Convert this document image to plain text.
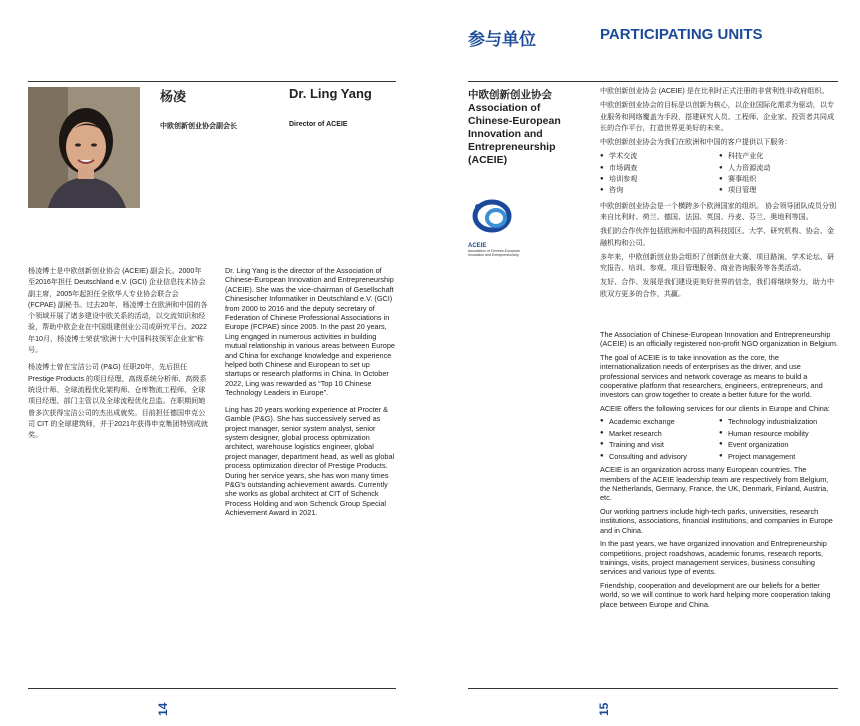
杨凌	Dr. Ling Yang
中欧创新创业协会副会长	Director of ACEIE

杨凌博士是中欧创新创业协会 (ACEIE) 副会长。2000年至2016年担任 Deutschland e.V. (GCI) 企业信息技术协会副主席，2005年起担任全欧华人专业协会联合会 (FCPAE) 副秘书。过去20年，杨凌博士在欧洲和中国的各个领域开展了诸多建设中欧关系的活动，以交流知识和经验，帮助中欧企业在中国组建创业公司或研究平台。2022年10月，杨凌博士荣获“欧洲十大中国科技领军企业家”称号。

杨凌博士曾在宝洁公司 (P&G) 任职20年，先后担任 Prestige Products 的项目经理、高级系统分析师、高级系统设计师、全球流程优化架构师、仓库物流工程师、全球项目经理、部门主管以及全球流程优化总监。在职期间她曾多次获得宝洁公司的杰出成就奖。目前担任德国申克公司 CIT 的全球建筑师，并于2021年获得申克集团特别成就奖。

Dr. Ling Yang is the director of the Association of Chinese-European Innovation and Entrepreneurship (ACEIE). She was the vice-chairman of Gesellschaft Chinesischer Informatiker in Deutschland e.V. (GCI) from 2000 to 2016 and the deputy secretary of Federation of Chinese Professional Associations in Europe (FCPAE) since 2005. In the past 20 years, Ling engaged in numerous activities in building mutual relationship in various areas between Europe and China for exchange knowledge and experience helped both Chinese and European to set up startups or research platforms in China. In October 2022, Ling was rewarded as “Top 10 Chinese Technology Leaders in Europe”.

Ling has 20 years working experience at Procter & Gamble (P&G). She has successively served as project manager, senior system analyst, senior system designer, global process optimization architect, warehouse logistics engineer, global project manager, department head, as well as global process optimization director of Prestige Products. During her service years, she has won many times P&G's outstanding achievement awards. Currently she works as global architect at CIT of Schenck Process Holding and won Schenck Group Special Achievement Award in 2021.

14
参与单位	PARTICIPATING UNITS
中欧创新创业协会
Association of Chinese-European Innovation and Entrepreneurship (ACEIE)
ACEIE
Association of Chinese-European Innovation and Entrepreneurship

中欧创新创业协会 (ACEIE) 是在比利时正式注册的非营利性非政府组织。

中欧创新创业协会的目标是以创新为核心，以企业国际化需求为驱动，以专业服务和网络覆盖为手段，搭建研究人员、工程师、企业家、投资者共同成长的合作平台，打造世界更美好的未来。

中欧创新创业协会为我们在欧洲和中国的客户提供以下服务：

● 学术交流	● 科技产业化
● 市场调查	● 人力资源流动
● 培训参观	● 赛事组织
● 咨询	● 项目管理

中欧创新创业协会是一个横跨多个欧洲国家的组织。 协会领导团队成员分别来自比利时、荷兰、德国、法国、英国、丹麦、芬兰、奥地利等国。

我们的合作伙伴包括欧洲和中国的高科技园区、大学、研究机构、协会、金融机构和公司。

多年来，中欧创新创业协会组织了创新创业大赛、项目路演、学术论坛、研究报告、培训、参观、项目管理服务、商业咨询服务等各类活动。

友好、合作、发展是我们建设更美好世界的信念，我们将继续努力，助力中欧双方更多的合作，共赢。

The Association of Chinese-European Innovation and Entrepreneurship (ACEIE) is an officially registered non-profit NGO organization in Belgium.

The goal of ACEIE is to take innovation as the core, the internationalization needs of enterprises as the driver, and use professional services and network coverage as means to build a cooperative platform that researchers, engineers, entrepreneurs, and investors can grow together to create a better future for the world.

ACEIE offers the following services for our clients in Europe and China:

● Academic exchange	● Technology industrialization
● Market research	● Human resource mobility
● Training and visit	● Event organization
● Consulting and advisory	● Project management

ACEIE is an organization across many European countries. The members of the ACEIE leadership team are respectively from Belgium, the Netherlands, Germany, France, the UK, Denmark, Finland, Austria, etc.

Our working partners include high-tech parks, universities, research institutions, associations, financial institutions, and companies in Europe and in China.

In the past years, we have organized innovation and Entrepreneurship competitions, project roadshows, academic forums, research reports, trainings, visits, project management services, business consulting services and various type of events.

Friendship, cooperation and development are our beliefs for a better world, so we will continue to work hard helping more cooperation taking place between Europe and China.

15
